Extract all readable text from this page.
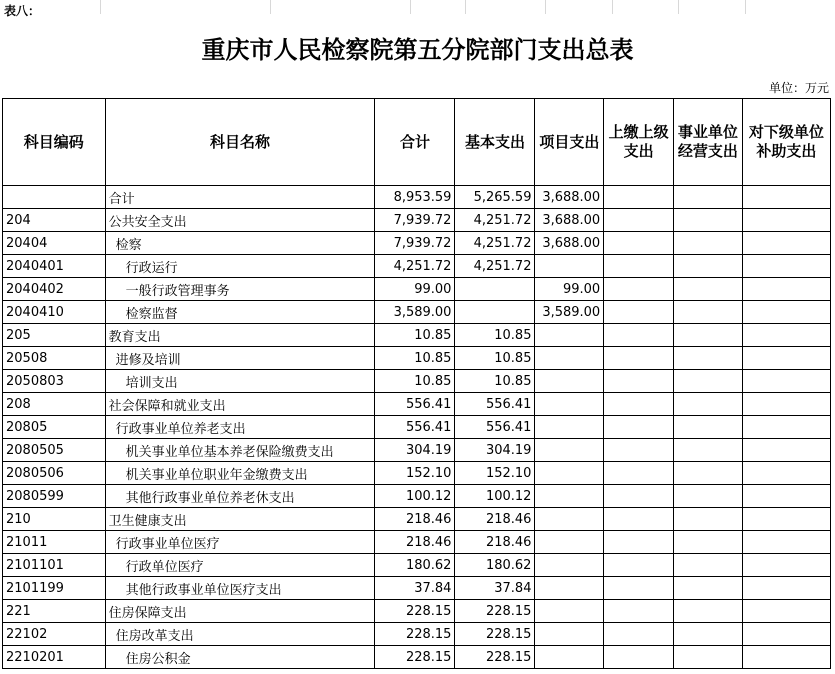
表八：
重庆市人民检察院第五分院部门支出总表
单位：万元
科目编码	科目名称	合计	基本支出	项目支出	上缴上级支出	事业单位经营支出	对下级单位补助支出
	合计	8,953.59	5,265.59	3,688.00			
204	公共安全支出	7,939.72	4,251.72	3,688.00			
20404	检察	7,939.72	4,251.72	3,688.00			
2040401	行政运行	4,251.72	4,251.72				
2040402	一般行政管理事务	99.00		99.00			
2040410	检察监督	3,589.00		3,589.00			
205	教育支出	10.85	10.85				
20508	进修及培训	10.85	10.85				
2050803	培训支出	10.85	10.85				
208	社会保障和就业支出	556.41	556.41				
20805	行政事业单位养老支出	556.41	556.41				
2080505	机关事业单位基本养老保险缴费支出	304.19	304.19				
2080506	机关事业单位职业年金缴费支出	152.10	152.10				
2080599	其他行政事业单位养老休支出	100.12	100.12				
210	卫生健康支出	218.46	218.46				
21011	行政事业单位医疗	218.46	218.46				
2101101	行政单位医疗	180.62	180.62				
2101199	其他行政事业单位医疗支出	37.84	37.84				
221	住房保障支出	228.15	228.15				
22102	住房改革支出	228.15	228.15				
2210201	住房公积金	228.15	228.15				
